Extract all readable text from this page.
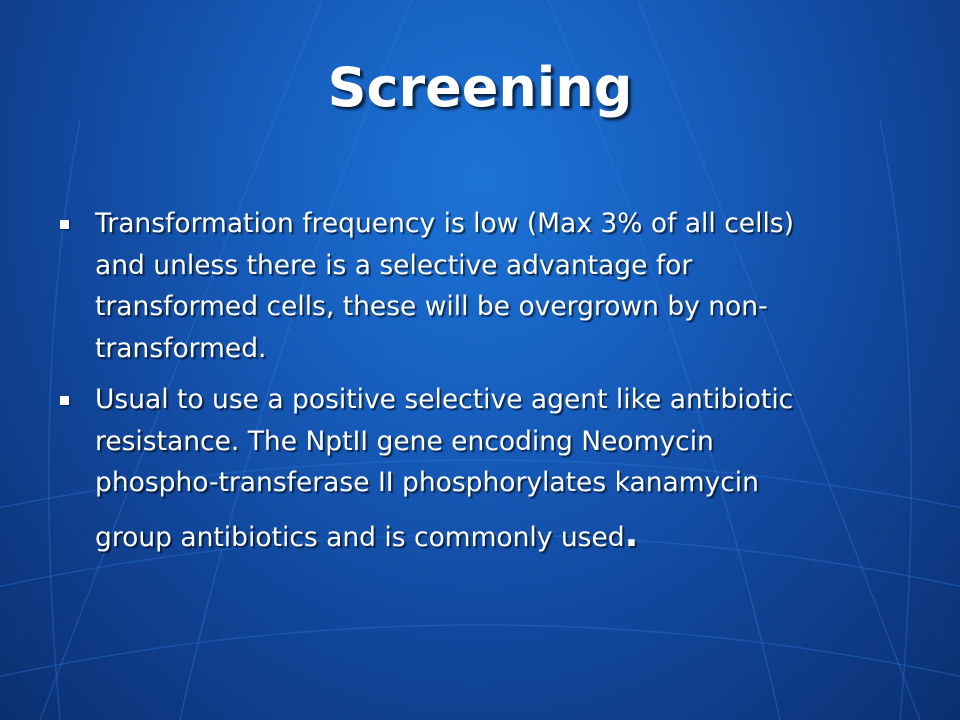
Screening
Transformation frequency is low (Max 3% of all cells)
and unless there is a selective advantage for
transformed cells, these will be overgrown by non-
transformed.
Usual to use a positive selective agent like antibiotic
resistance. The NptII gene encoding Neomycin
phospho-transferase II phosphorylates kanamycin
group antibiotics and is commonly used.
